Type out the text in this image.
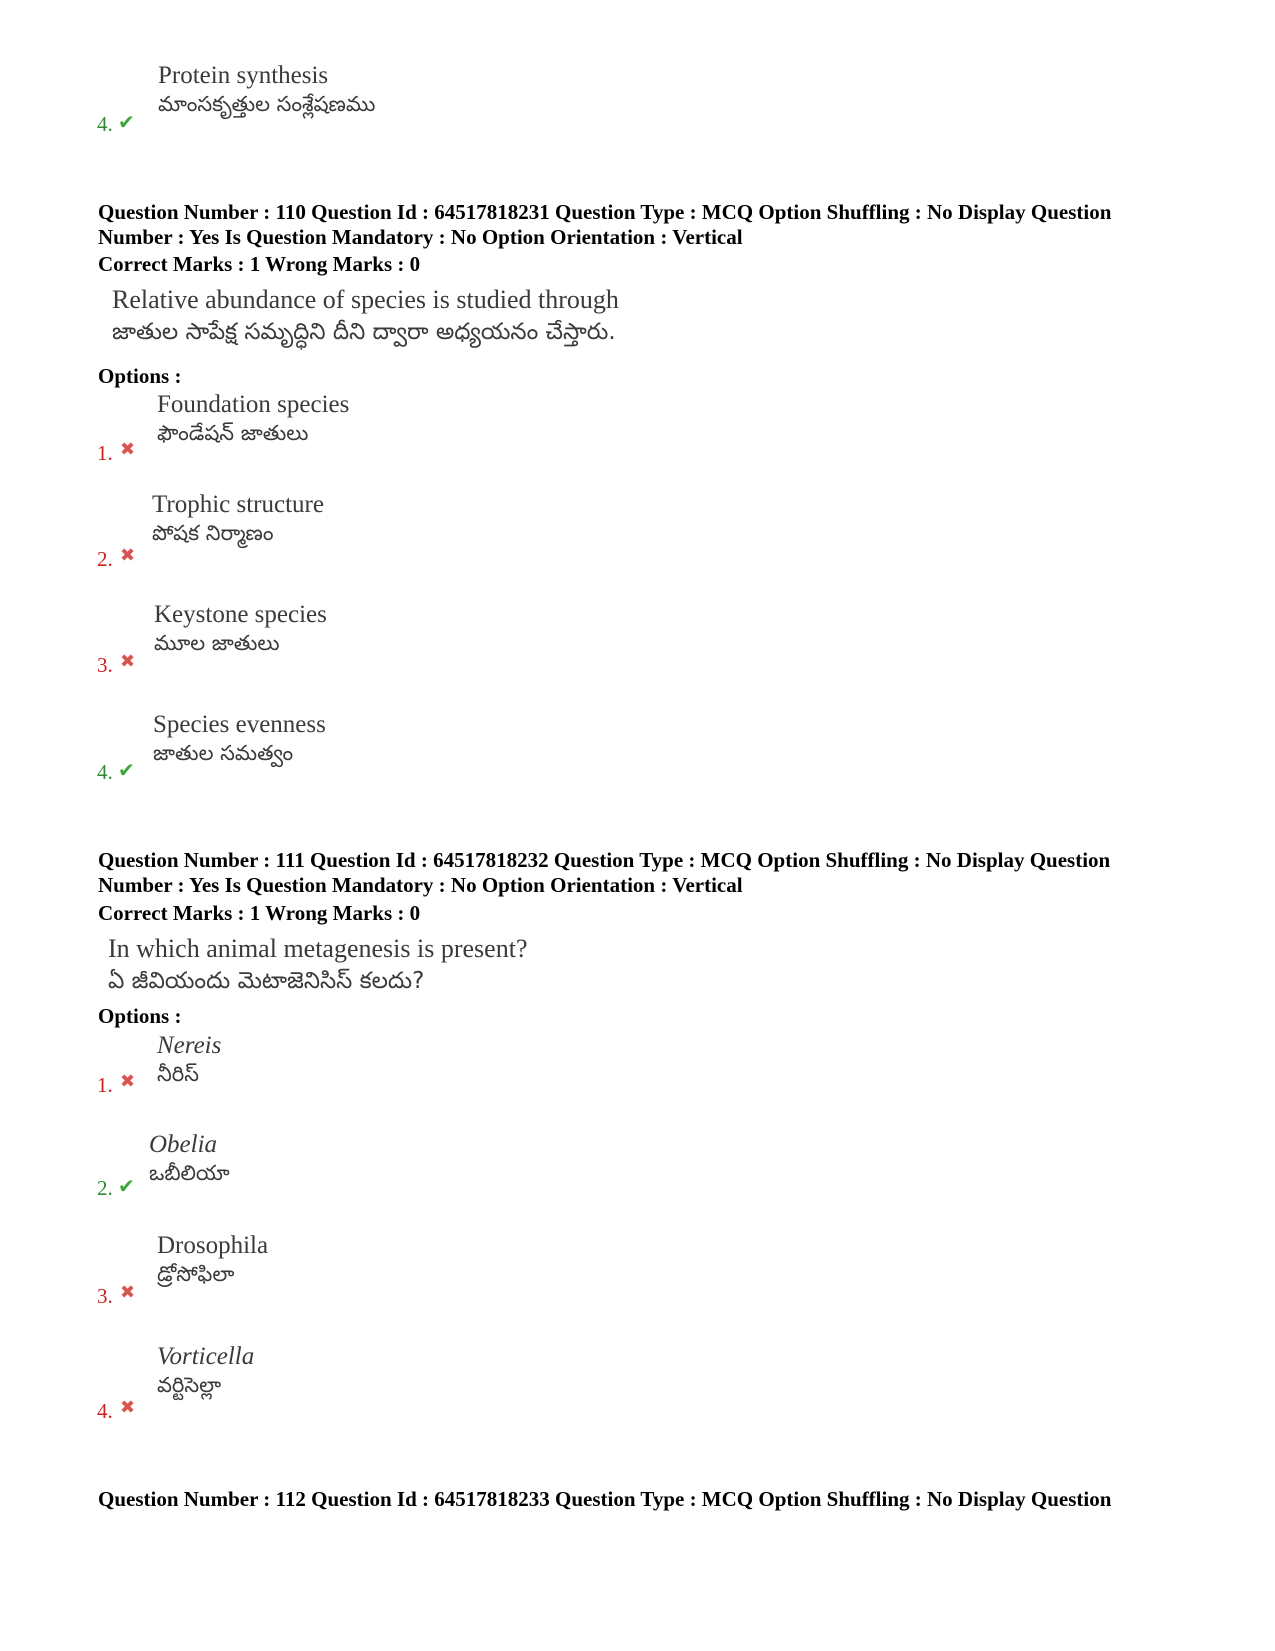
Protein synthesis
మాంసకృత్తుల సంశ్లేషణము
4. ✔
Question Number : 110 Question Id : 64517818231 Question Type : MCQ Option Shuffling : No Display Question Number : Yes Is Question Mandatory : No Option Orientation : Vertical
Correct Marks : 1 Wrong Marks : 0
Relative abundance of species is studied through
జాతుల సాపేక్ష సమృద్ధిని దీని ద్వారా అధ్యయనం చేస్తారు.
Options :
Foundation species
ఫౌండేషన్ జాతులు
1. ✖
Trophic structure
పోషక నిర్మాణం
2. ✖
Keystone species
మూల జాతులు
3. ✖
Species evenness
జాతుల సమత్వం
4. ✔
Question Number : 111 Question Id : 64517818232 Question Type : MCQ Option Shuffling : No Display Question Number : Yes Is Question Mandatory : No Option Orientation : Vertical
Correct Marks : 1 Wrong Marks : 0
In which animal metagenesis is present?
ఏ జీవియందు మెటాజెనిసిస్ కలదు?
Options :
Nereis
నీరిస్
1. ✖
Obelia
ఒబీలియా
2. ✔
Drosophila
డ్రోసోఫిలా
3. ✖
Vorticella
వర్టిసెల్లా
4. ✖
Question Number : 112 Question Id : 64517818233 Question Type : MCQ Option Shuffling : No Display Question
